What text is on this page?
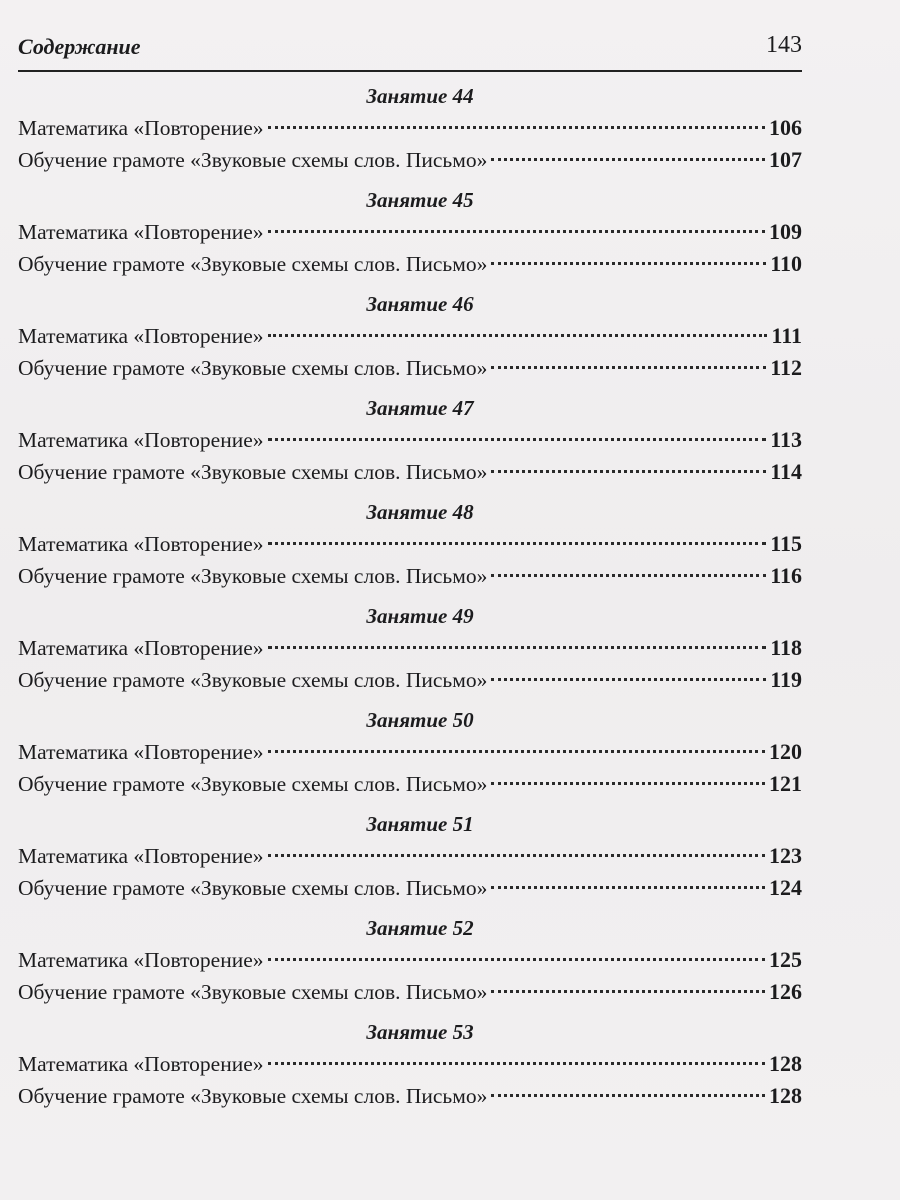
Содержание	143
Занятие 44
Математика «Повторение»	106
Обучение грамоте «Звуковые схемы слов. Письмо»	107
Занятие 45
Математика «Повторение»	109
Обучение грамоте «Звуковые схемы слов. Письмо»	110
Занятие 46
Математика «Повторение»	111
Обучение грамоте «Звуковые схемы слов. Письмо»	112
Занятие 47
Математика «Повторение»	113
Обучение грамоте «Звуковые схемы слов. Письмо»	114
Занятие 48
Математика «Повторение»	115
Обучение грамоте «Звуковые схемы слов. Письмо»	116
Занятие 49
Математика «Повторение»	118
Обучение грамоте «Звуковые схемы слов. Письмо»	119
Занятие 50
Математика «Повторение»	120
Обучение грамоте «Звуковые схемы слов. Письмо»	121
Занятие 51
Математика «Повторение»	123
Обучение грамоте «Звуковые схемы слов. Письмо»	124
Занятие 52
Математика «Повторение»	125
Обучение грамоте «Звуковые схемы слов. Письмо»	126
Занятие 53
Математика «Повторение»	128
Обучение грамоте «Звуковые схемы слов. Письмо»	128
